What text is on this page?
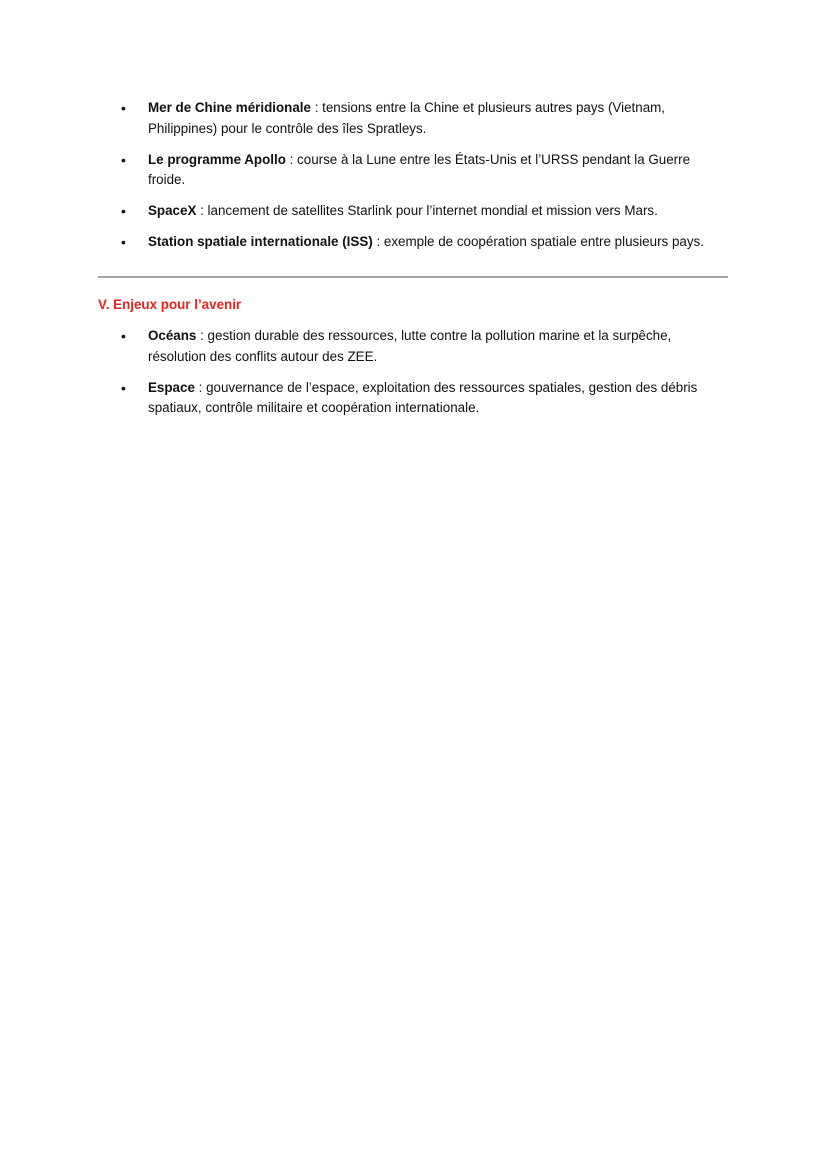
• Mer de Chine méridionale : tensions entre la Chine et plusieurs autres pays (Vietnam, Philippines) pour le contrôle des îles Spratleys.
• Le programme Apollo : course à la Lune entre les États-Unis et l’URSS pendant la Guerre froide.
• SpaceX : lancement de satellites Starlink pour l’internet mondial et mission vers Mars.
• Station spatiale internationale (ISS) : exemple de coopération spatiale entre plusieurs pays.
V. Enjeux pour l’avenir
• Océans : gestion durable des ressources, lutte contre la pollution marine et la surpêche, résolution des conflits autour des ZEE.
• Espace : gouvernance de l’espace, exploitation des ressources spatiales, gestion des débris spatiaux, contrôle militaire et coopération internationale.
